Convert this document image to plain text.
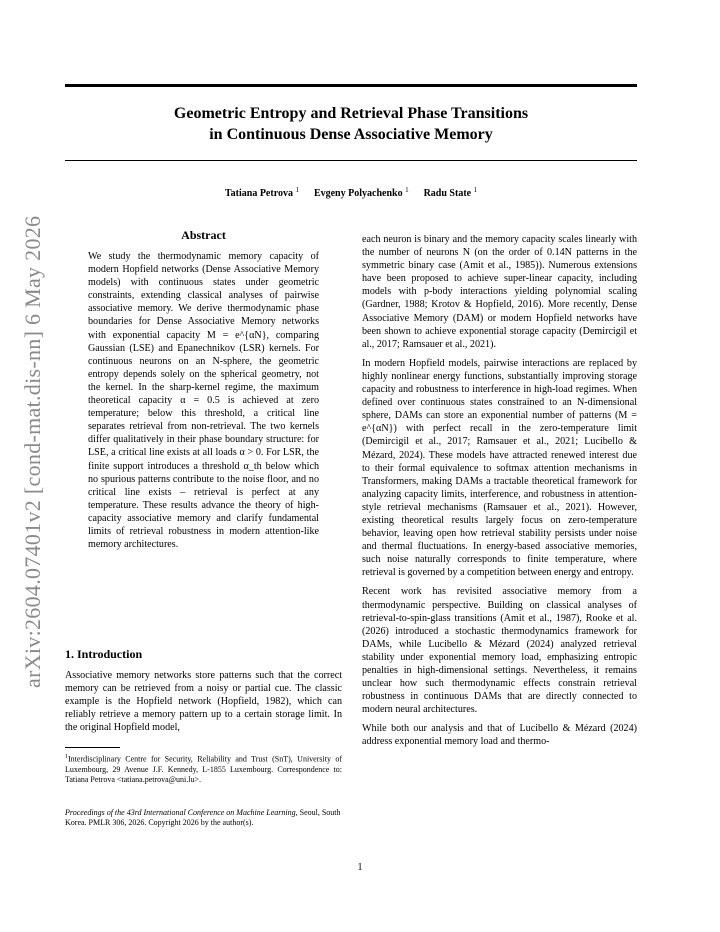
arXiv:2604.07401v2 [cond-mat.dis-nn] 6 May 2026
Geometric Entropy and Retrieval Phase Transitions
in Continuous Dense Associative Memory
Tatiana Petrova $^1$ Evgeny Polyachenko $^1$ Radu State $^1$
Abstract
We study the thermodynamic memory capacity of modern Hopfield networks (Dense Associative Memory models) with continuous states under geometric constraints, extending classical analyses of pairwise associative memory. We derive thermodynamic phase boundaries for Dense Associative Memory networks with exponential capacity M = e^{αN}, comparing Gaussian (LSE) and Epanechnikov (LSR) kernels. For continuous neurons on an N-sphere, the geometric entropy depends solely on the spherical geometry, not the kernel. In the sharp-kernel regime, the maximum theoretical capacity α = 0.5 is achieved at zero temperature; below this threshold, a critical line separates retrieval from non-retrieval. The two kernels differ qualitatively in their phase boundary structure: for LSE, a critical line exists at all loads α > 0. For LSR, the finite support introduces a threshold α_th below which no spurious patterns contribute to the noise floor, and no critical line exists – retrieval is perfect at any temperature. These results advance the theory of high-capacity associative memory and clarify fundamental limits of retrieval robustness in modern attention-like memory architectures.
1. Introduction

Associative memory networks store patterns such that the correct memory can be retrieved from a noisy or partial cue. The classic example is the Hopfield network (Hopfield, 1982), which can reliably retrieve a memory pattern up to a certain storage limit. In the original Hopfield model,

$^1$Interdisciplinary Centre for Security, Reliability and Trust (SnT), University of Luxembourg, 29 Avenue J.F. Kennedy, L-1855 Luxembourg. Correspondence to: Tatiana Petrova <tatiana.petrova@uni.lu>.
Proceedings of the 43rd International Conference on Machine Learning, Seoul, South Korea. PMLR 306, 2026. Copyright 2026 by the author(s).

each neuron is binary and the memory capacity scales linearly with the number of neurons N (on the order of 0.14N patterns in the symmetric binary case (Amit et al., 1985)). Numerous extensions have been proposed to achieve super-linear capacity, including models with p-body interactions yielding polynomial scaling (Gardner, 1988; Krotov & Hopfield, 2016). More recently, Dense Associative Memory (DAM) or modern Hopfield networks have been shown to achieve exponential storage capacity (Demircigil et al., 2017; Ramsauer et al., 2021).

In modern Hopfield models, pairwise interactions are replaced by highly nonlinear energy functions, substantially improving storage capacity and robustness to interference in high-load regimes. When defined over continuous states constrained to an N-dimensional sphere, DAMs can store an exponential number of patterns (M = e^{αN}) with perfect recall in the zero-temperature limit (Demircigil et al., 2017; Ramsauer et al., 2021; Lucibello & Mézard, 2024). These models have attracted renewed interest due to their formal equivalence to softmax attention mechanisms in Transformers, making DAMs a tractable theoretical framework for analyzing capacity limits, interference, and robustness in attention-style retrieval mechanisms (Ramsauer et al., 2021). However, existing theoretical results largely focus on zero-temperature behavior, leaving open how retrieval stability persists under noise and thermal fluctuations. In energy-based associative memories, such noise naturally corresponds to finite temperature, where retrieval is governed by a competition between energy and entropy.

Recent work has revisited associative memory from a thermodynamic perspective. Building on classical analyses of retrieval-to-spin-glass transitions (Amit et al., 1987), Rooke et al. (2026) introduced a stochastic thermodynamics framework for DAMs, while Lucibello & Mézard (2024) analyzed retrieval stability under exponential memory load, emphasizing entropic penalties in high-dimensional settings. Nevertheless, it remains unclear how such thermodynamic effects constrain retrieval robustness in continuous DAMs that are directly connected to modern neural architectures.

While both our analysis and that of Lucibello & Mézard (2024) address exponential memory load and thermo-

1
